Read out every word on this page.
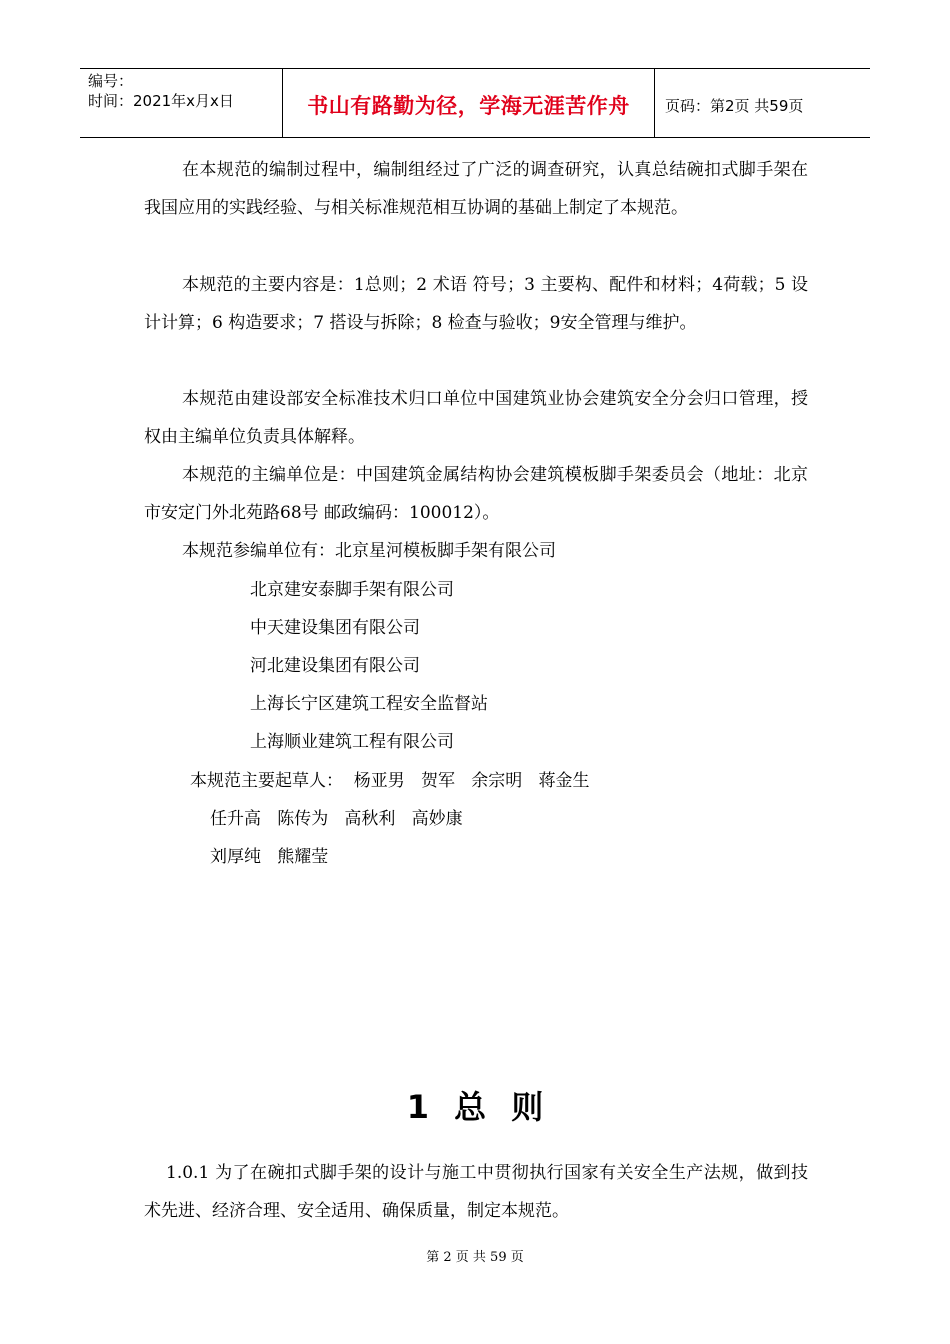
编号：
时间：2021年x月x日	书山有路勤为径，学海无涯苦作舟	页码：第2页 共59页
在本规范的编制过程中，编制组经过了广泛的调查研究，认真总结碗扣式脚手架在我国应用的实践经验、与相关标准规范相互协调的基础上制定了本规范。
本规范的主要内容是：1总则；2 术语 符号；3 主要构、配件和材料；4荷载；5 设计计算；6 构造要求；7 搭设与拆除；8 检查与验收；9安全管理与维护。
本规范由建设部安全标准技术归口单位中国建筑业协会建筑安全分会归口管理，授权由主编单位负责具体解释。
本规范的主编单位是：中国建筑金属结构协会建筑模板脚手架委员会（地址：北京市安定门外北苑路68号 邮政编码：100012）。
本规范参编单位有：北京星河模板脚手架有限公司
北京建安泰脚手架有限公司
中天建设集团有限公司
河北建设集团有限公司
上海长宁区建筑工程安全监督站
上海顺业建筑工程有限公司
本规范主要起草人：  杨亚男   贺军   余宗明   蒋金生
任升高   陈传为   高秋利   高妙康
刘厚纯   熊耀莹
1 总 则
1.0.1 为了在碗扣式脚手架的设计与施工中贯彻执行国家有关安全生产法规，做到技术先进、经济合理、安全适用、确保质量，制定本规范。
第 2 页 共 59 页
